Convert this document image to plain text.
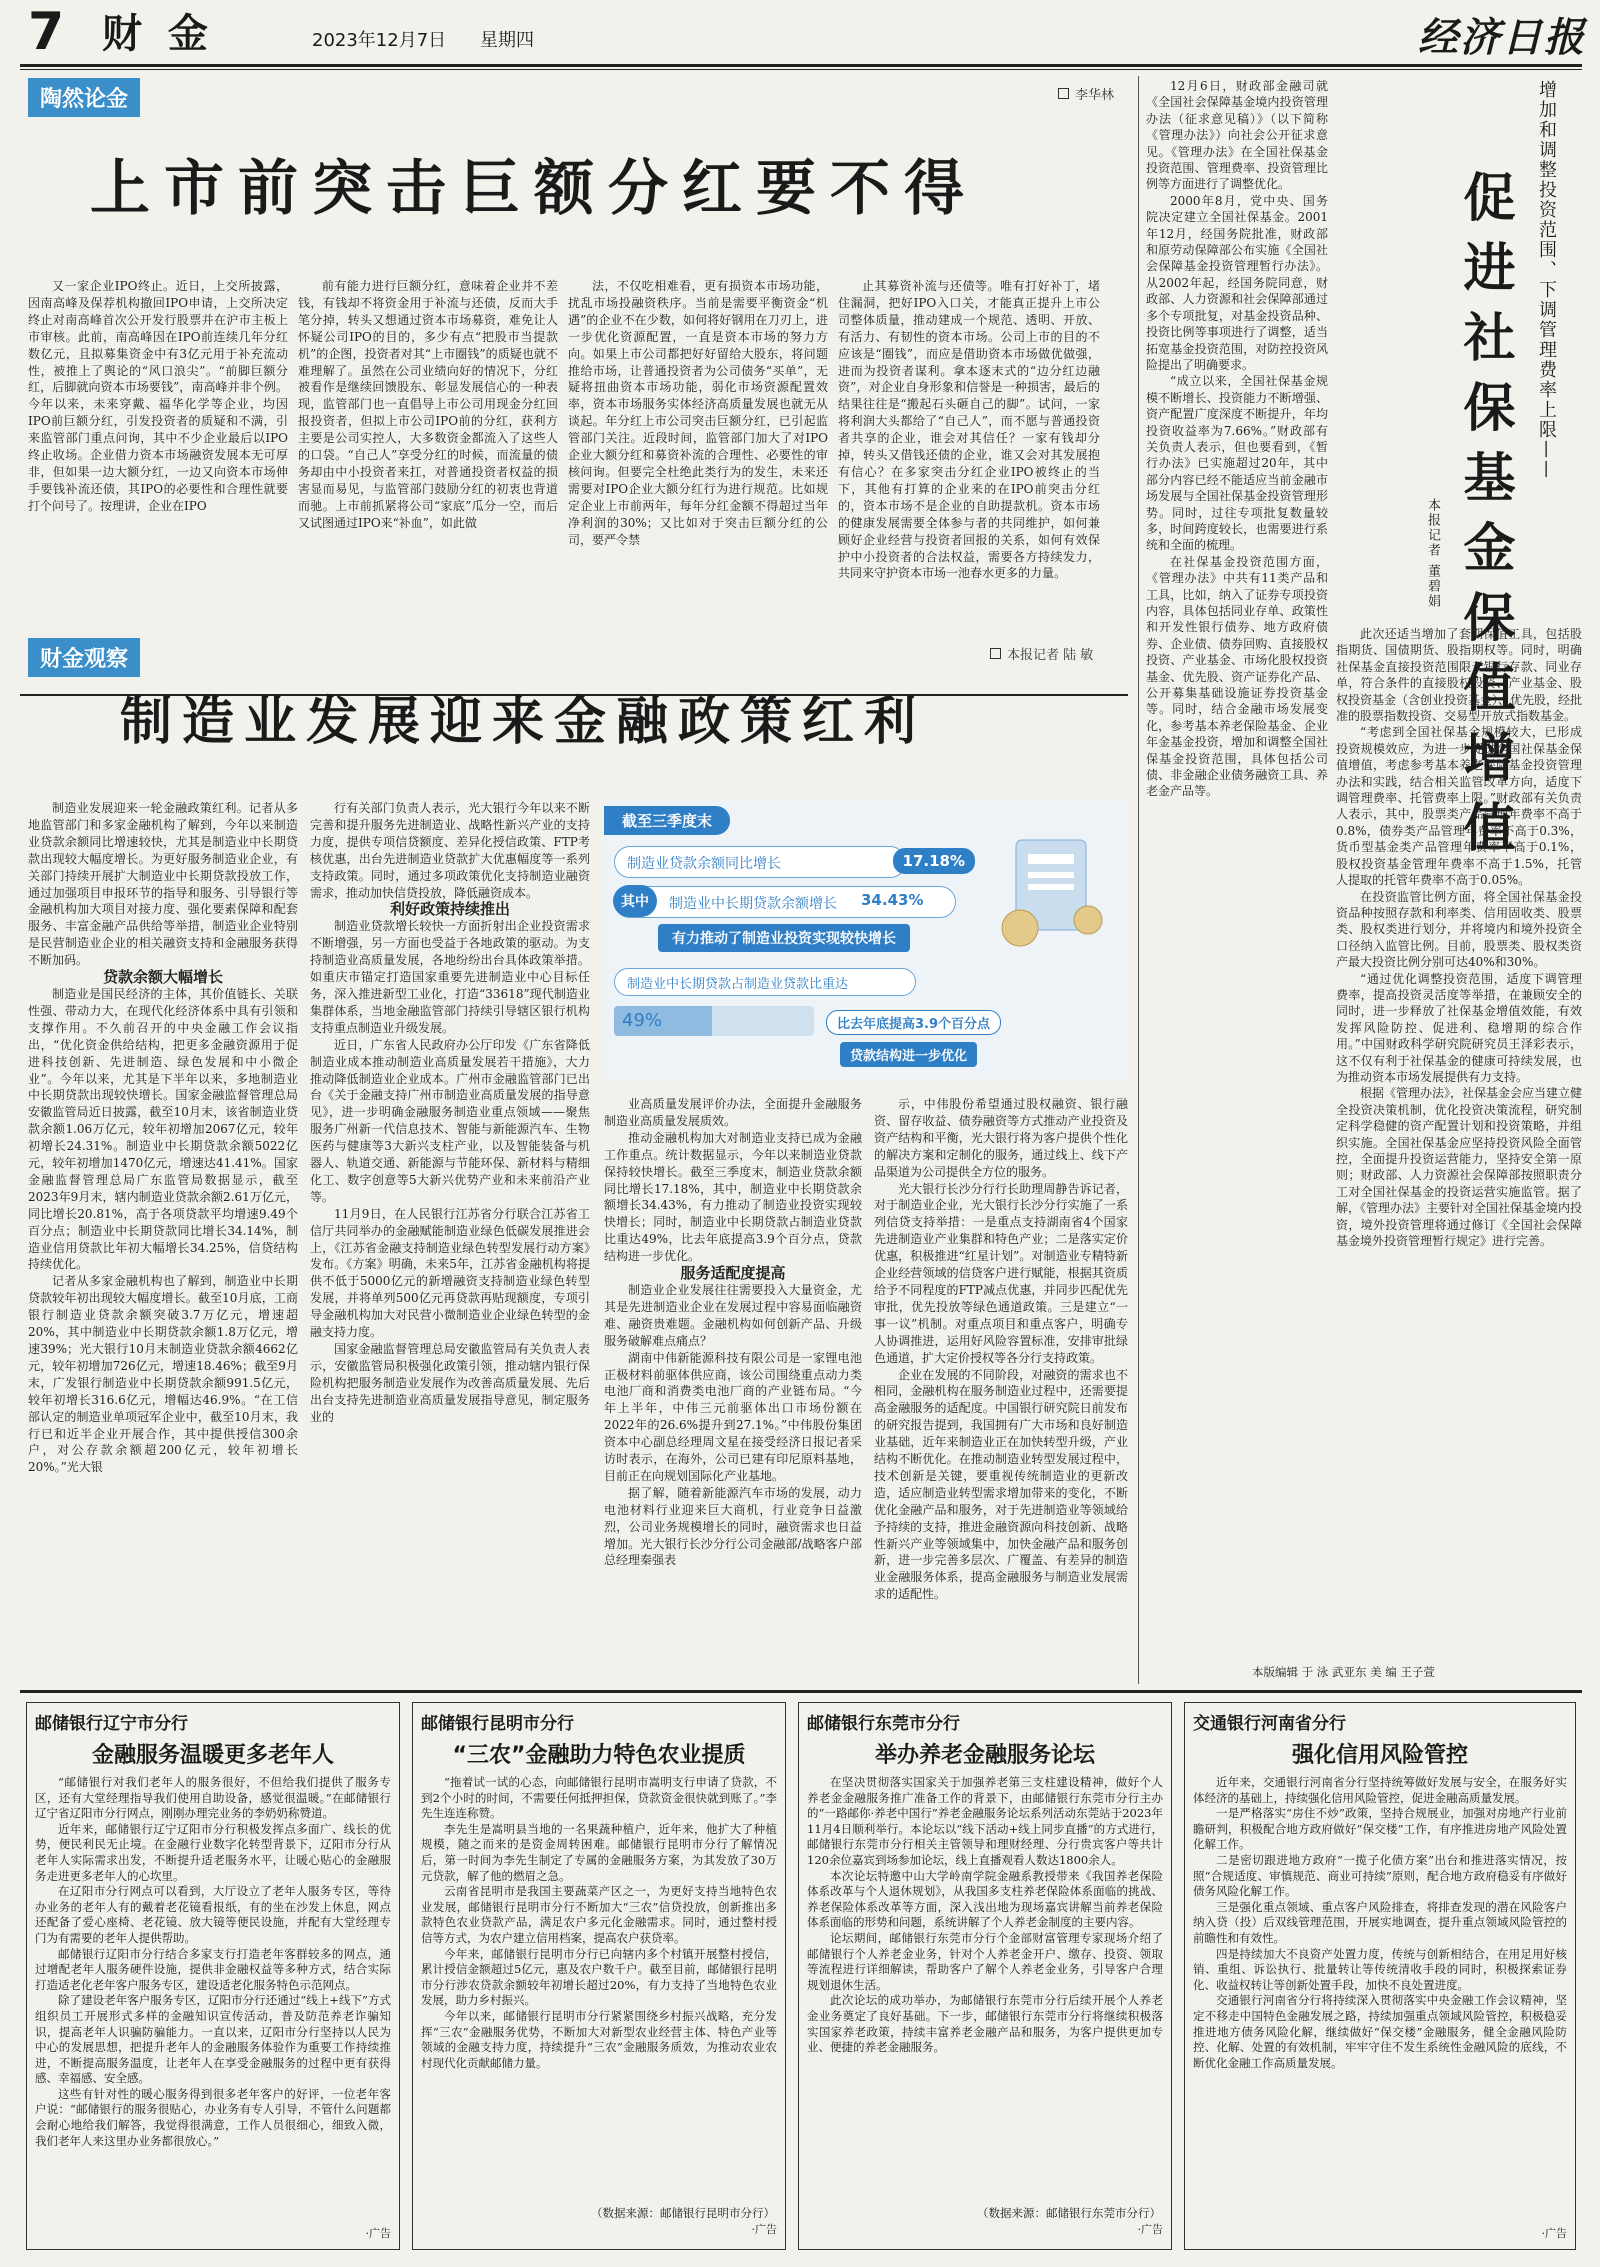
7 财 金	2023年12月7日 星期四	经济日报
陶然论金	李华林
上市前突击巨额分红要不得

又一家企业IPO终止。近日，上交所披露，因南高峰及保荐机构撤回IPO申请，上交所决定终止对南高峰首次公开发行股票并在沪市主板上市审核。此前，南高峰因在IPO前连续几年分红数亿元，且拟募集资金中有3亿元用于补充流动性，被推上了舆论的“风口浪尖”。“前脚巨额分红，后脚就向资本市场要钱”，南高峰并非个例。今年以来，未来穿戴、福华化学等企业，均因IPO前巨额分红，引发投资者的质疑和不满，引来监管部门重点问询，其中不少企业最后以IPO终止收场。企业借力资本市场融资发展本无可厚非，但如果一边大额分红，一边又向资本市场伸手要钱补流还债，其IPO的必要性和合理性就要打个问号了。按理讲，企业在IPO

前有能力进行巨额分红，意味着企业并不差钱，有钱却不将资金用于补流与还债，反而大手笔分掉，转头又想通过资本市场募资，难免让人怀疑公司IPO的目的，多少有点“把股市当提款机”的企图，投资者对其“上市圈钱”的质疑也就不难理解了。虽然在公司业绩向好的情况下，分红被看作是继续回馈股东、彰显发展信心的一种表现，监管部门也一直倡导上市公司用现金分红回报投资者，但拟上市公司IPO前的分红，获利方主要是公司实控人，大多数资金都流入了这些人的口袋。“自己人”享受分红的时候，而流量的债务却由中小投资者来扛，对普通投资者权益的损害显而易见，与监管部门鼓励分红的初衷也背道而驰。上市前抓紧将公司“家底”瓜分一空，而后又试图通过IPO来“补血”，如此做

法，不仅吃相难看，更有损资本市场功能，扰乱市场投融资秩序。当前是需要平衡资金“机遇”的企业不在少数，如何将好钢用在刀刃上，进一步优化资源配置，一直是资本市场的努力方向。如果上市公司都把好好留给大股东，将问题推给市场，让普通投资者为公司债务“买单”，无疑将扭曲资本市场功能，弱化市场资源配置效率，资本市场服务实体经济高质量发展也就无从谈起。年分红上市公司突击巨额分红，已引起监管部门关注。近段时间，监管部门加大了对IPO企业大额分红和募资补流的合理性、必要性的审核问询。但要完全杜绝此类行为的发生，未来还需要对IPO企业大额分红行为进行规范。比如规定企业上市前两年，每年分红金额不得超过当年净利润的30%；又比如对于突击巨额分红的公司，要严令禁

止其募资补流与还债等。唯有打好补丁，堵住漏洞，把好IPO入口关，才能真正提升上市公司整体质量，推动建成一个规范、透明、开放、有活力、有韧性的资本市场。公司上市的目的不应该是“圈钱”，而应是借助资本市场做优做强，进而为投资者谋利。拿本逐末式的“边分红边融资”，对企业自身形象和信誉是一种损害，最后的结果往往是“搬起石头砸自己的脚”。试问，一家将利润大头都给了“自己人”，而不愿与普通投资者共享的企业，谁会对其信任？一家有钱却分掉，转头又借钱还债的企业，谁又会对其发展抱有信心？在多家突击分红企业IPO被终止的当下，其他有打算的企业来的在IPO前突击分红的，资本市场不是企业的自助提款机。资本市场的健康发展需要全体参与者的共同维护，如何兼顾好企业经营与投资者回报的关系，如何有效保护中小投资者的合法权益，需要各方持续发力，共同来守护资本市场一池春水更多的力量。

财金观察	本报记者 陆 敏
制造业发展迎来金融政策红利

制造业发展迎来一轮金融政策红利。记者从多地监管部门和多家金融机构了解到，今年以来制造业贷款余额同比增速较快，尤其是制造业中长期贷款出现较大幅度增长。为更好服务制造业企业，有关部门持续开展扩大制造业中长期贷款投放工作，通过加强项目申报环节的指导和服务、引导银行等金融机构加大项目对接力度、强化要素保障和配套服务、丰富金融产品供给等举措，制造业企业特别是民营制造业企业的相关融资支持和金融服务获得不断加码。

贷款余额大幅增长

制造业是国民经济的主体，其价值链长、关联性强、带动力大，在现代化经济体系中具有引领和支撑作用。不久前召开的中央金融工作会议指出，“优化资金供给结构，把更多金融资源用于促进科技创新、先进制造、绿色发展和中小微企业”。今年以来，尤其是下半年以来，多地制造业中长期贷款出现较快增长。国家金融监督管理总局安徽监管局近日披露，截至10月末，该省制造业贷款余额1.06万亿元，较年初增加2067亿元，较年初增长24.31%。制造业中长期贷款余额5022亿元，较年初增加1470亿元，增速达41.41%。国家金融监督管理总局广东监管局数据显示，截至2023年9月末，辖内制造业贷款余额2.61万亿元，同比增长20.81%，高于各项贷款平均增速9.49个百分点；制造业中长期贷款同比增长34.14%，制造业信用贷款比年初大幅增长34.25%，信贷结构持续优化。

记者从多家金融机构也了解到，制造业中长期贷款较年初出现较大幅度增长。截至10月底，工商银行制造业贷款余额突破3.7万亿元，增速超20%，其中制造业中长期贷款余额1.8万亿元，增速39%；光大银行10月末制造业贷款余额4662亿元，较年初增加726亿元，增速18.46%；截至9月末，广发银行制造业中长期贷款余额991.5亿元，较年初增长316.6亿元，增幅达46.9%。“在工信部认定的制造业单项冠军企业中，截至10月末，我行已和近半企业开展合作，其中提供授信300余户，对公存款余额超200亿元，较年初增长20%。”光大银

行有关部门负责人表示，光大银行今年以来不断完善和提升服务先进制造业、战略性新兴产业的支持力度，提供专项信贷额度、差异化授信政策、FTP考核优惠，出台先进制造业贷款扩大优惠幅度等一系列支持政策。同时，通过多项政策优化支持制造业融资需求，推动加快信贷投放，降低融资成本。

利好政策持续推出

制造业贷款增长较快一方面折射出企业投资需求不断增强，另一方面也受益于各地政策的驱动。为支持制造业高质量发展，各地纷纷出台具体政策举措。如重庆市锚定打造国家重要先进制造业中心目标任务，深入推进新型工业化，打造“33618”现代制造业集群体系，当地金融监管部门持续引导辖区银行机构支持重点制造业升级发展。

近日，广东省人民政府办公厅印发《广东省降低制造业成本推动制造业高质量发展若干措施》，大力推动降低制造业企业成本。广州市金融监管部门已出台《关于金融支持广州市制造业高质量发展的指导意见》，进一步明确金融服务制造业重点领域——聚焦服务广州新一代信息技术、智能与新能源汽车、生物医药与健康等3大新兴支柱产业，以及智能装备与机器人、轨道交通、新能源与节能环保、新材料与精细化工、数字创意等5大新兴优势产业和未来前沿产业等。

11月9日，在人民银行江苏省分行联合江苏省工信厅共同举办的金融赋能制造业绿色低碳发展推进会上，《江苏省金融支持制造业绿色转型发展行动方案》发布。《方案》明确，未来5年，江苏省金融机构将提供不低于5000亿元的新增融资支持制造业绿色转型发展，并将单列500亿元再贷款再贴现额度，专项引导金融机构加大对民营小微制造业企业绿色转型的金融支持力度。

国家金融监督管理总局安徽监管局有关负责人表示，安徽监管局积极强化政策引领，推动辖内银行保险机构把服务制造业发展作为改善高质量发展、先后出台支持先进制造业高质量发展指导意见，制定服务业的

业高质量发展评价办法，全面提升金融服务制造业高质量发展质效。

推动金融机构加大对制造业支持已成为金融工作重点。统计数据显示，今年以来制造业贷款保持较快增长。截至三季度末，制造业贷款余额同比增长17.18%，其中，制造业中长期贷款余额增长34.43%，有力推动了制造业投资实现较快增长；同时，制造业中长期贷款占制造业贷款比重达49%，比去年底提高3.9个百分点，贷款结构进一步优化。

服务适配度提高

制造业企业发展往往需要投入大量资金，尤其是先进制造业企业在发展过程中容易面临融资难、融资贵难题。金融机构如何创新产品、升级服务破解难点痛点？

湖南中伟新能源科技有限公司是一家锂电池正极材料前驱体供应商，该公司围绕重点动力类电池厂商和消费类电池厂商的产业链布局。“今年上半年，中伟三元前驱体出口市场份额在2022年的26.6%提升到27.1%。”中伟股份集团资本中心副总经理周文星在接受经济日报记者采访时表示，在海外，公司已建有印尼原料基地，目前正在向规划国际化产业基地。

据了解，随着新能源汽车市场的发展，动力电池材料行业迎来巨大商机，行业竞争日益激烈，公司业务规模增长的同时，融资需求也日益增加。光大银行长沙分行公司金融部/战略客户部总经理秦强表

示，中伟股份希望通过股权融资、银行融资、留存收益、债券融资等方式推动产业投资及资产结构和平衡，光大银行将为客户提供个性化的解决方案和定制化的服务，通过线上、线下产品渠道为公司提供全方位的服务。

光大银行长沙分行行长助理周静告诉记者，对于制造业企业，光大银行长沙分行实施了一系列信贷支持举措：一是重点支持湖南省4个国家先进制造业产业集群和特色产业；二是落实定价优惠，积极推进“红星计划”。对制造业专精特新企业经营领域的信贷客户进行赋能，根据其资质给予不同程度的FTP减点优惠，并同步匹配优先审批，优先投放等绿色通道政策。三是建立“一事一议”机制。对重点项目和重点客户，明确专人协调推进，运用好风险容置标准，安排审批绿色通道，扩大定价授权等各分行支持政策。

企业在发展的不同阶段，对融资的需求也不相同，金融机构在服务制造业过程中，还需要提高金融服务的适配度。中国银行研究院日前发布的研究报告提到，我国拥有广大市场和良好制造业基础，近年来制造业正在加快转型升级，产业结构不断优化。在推动制造业转型发展过程中，技术创新是关键，要重视传统制造业的更新改造，适应制造业转型需求增加带来的变化，不断优化金融产品和服务，对于先进制造业等领域给予持续的支持，推进金融资源向科技创新、战略性新兴产业等领域集中，加快金融产品和服务创新，进一步完善多层次、广覆盖、有差异的制造业金融服务体系，提高金融服务与制造业发展需求的适配性。

截至三季度末
制造业贷款余额同比增长	17.18%
其中	制造业中长期贷款余额增长 34.43%
有力推动了制造业投资实现较快增长
制造业中长期贷款占制造业贷款比重达
49%	比去年底提高3.9个百分点
贷款结构进一步优化

12月6日，财政部金融司就《全国社会保障基金境内投资管理办法（征求意见稿）》（以下简称《管理办法》）向社会公开征求意见。《管理办法》在全国社保基金投资范围、管理费率、投资管理比例等方面进行了调整优化。

2000年8月，党中央、国务院决定建立全国社保基金。2001年12月，经国务院批准，财政部和原劳动保障部公布实施《全国社会保障基金投资管理暂行办法》。从2002年起，经国务院同意，财政部、人力资源和社会保障部通过多个专项批复，对基金投资品种、投资比例等事项进行了调整，适当拓宽基金投资范围，对防控投资风险提出了明确要求。

“成立以来，全国社保基金规模不断增长、投资能力不断增强、资产配置广度深度不断提升，年均投资收益率为7.66%。”财政部有关负责人表示，但也要看到，《暂行办法》已实施超过20年，其中部分内容已经不能适应当前金融市场发展与全国社保基金投资管理形势。同时，过往专项批复数量较多，时间跨度较长，也需要进行系统和全面的梳理。

在社保基金投资范围方面，《管理办法》中共有11类产品和工具，比如，纳入了证券专项投资内容，具体包括同业存单、政策性和开发性银行债券、地方政府债券、企业债、债券回购、直接股权投资、产业基金、市场化股权投资基金、优先股、资产证券化产品、公开募集基础设施证券投资基金等。同时，结合金融市场发展变化，参考基本养老保险基金、企业年金基金投资，增加和调整全国社保基金投资范围，具体包括公司债、非金融企业债务融资工具、养老金产品等。

增加和调整投资范围、下调管理费率上限——
促进社保基金保值增值
本报记者 董碧娟

此次还适当增加了套期保值工具，包括股指期货、国债期货、股指期权等。同时，明确社保基金直接投资范围限于银行存款、同业存单，符合条件的直接股权投资、产业基金、股权投资基金（含创业投资基金）、优先股，经批准的股票指数投资、交易型开放式指数基金。

“考虑到全国社保基金规模较大，已形成投资规模效应，为进一步促进全国社保基金保值增值，考虑参考基本养老保险基金投资管理办法和实践，结合相关监管改革方向，适度下调管理费率、托管费率上限。”财政部有关负责人表示，其中，股票类产品管理年费率不高于0.8%，债券类产品管理年费率不高于0.3%，货币型基金类产品管理年费率不高于0.1%，股权投资基金管理年费率不高于1.5%，托管人提取的托管年费率不高于0.05%。

在投资监管比例方面，将全国社保基金投资品种按照存款和利率类、信用固收类、股票类、股权类进行划分，并将境内和境外投资全口径纳入监管比例。目前，股票类、股权类资产最大投资比例分别可达40%和30%。

“通过优化调整投资范围，适度下调管理费率，提高投资灵活度等举措，在兼顾安全的同时，进一步释放了社保基金增值效能，有效发挥风险防控、促进利、稳增期的综合作用。”中国财政科学研究院研究员王泽彩表示，这不仅有利于社保基金的健康可持续发展，也为推动资本市场发展提供有力支持。

根据《管理办法》，社保基金会应当建立健全投资决策机制，优化投资决策流程，研究制定科学稳健的资产配置计划和投资策略，并组织实施。全国社保基金应坚持投资风险全面管控，全面提升投资运营能力，坚持安全第一原则；财政部、人力资源社会保障部按照职责分工对全国社保基金的投资运营实施监管。据了解，《管理办法》主要针对全国社保基金境内投资，境外投资管理将通过修订《全国社会保障基金境外投资管理暂行规定》进行完善。

本版编辑 于 泳 武亚东 美 编 王子萱
邮储银行辽宁市分行
金融服务温暖更多老年人

“邮储银行对我们老年人的服务很好，不但给我们提供了服务专区，还有大堂经理指导我们使用自助设备，感觉很温暖。”在邮储银行辽宁省辽阳市分行网点，刚刚办理完业务的李奶奶称赞道。

近年来，邮储银行辽宁辽阳市分行积极发挥点多面广、线长的优势，便民利民无止境。在金融行业数字化转型背景下，辽阳市分行从老年人实际需求出发，不断提升适老服务水平，让暖心贴心的金融服务走进更多老年人的心坎里。

在辽阳市分行网点可以看到，大厅设立了老年人服务专区，等待办业务的老年人有的戴着老花镜看报纸，有的坐在沙发上休息，网点还配备了爱心座椅、老花镜、放大镜等便民设施，并配有大堂经理专门为有需要的老年人提供帮助。

邮储银行辽阳市分行结合多家支行打造老年客群较多的网点，通过增配老年人服务硬件设施，提供非金融权益等多种方式，结合实际打造适老化老年客户服务专区，建设适老化服务特色示范网点。

除了建设老年客户服务专区，辽阳市分行还通过“线上+线下”方式组织员工开展形式多样的金融知识宣传活动，普及防范养老诈骗知识，提高老年人识骗防骗能力。一直以来，辽阳市分行坚持以人民为中心的发展思想，把提升老年人的金融服务体验作为重要工作持续推进，不断提高服务温度，让老年人在享受金融服务的过程中更有获得感、幸福感、安全感。

这些有针对性的暖心服务得到很多老年客户的好评，一位老年客户说：“邮储银行的服务很贴心，办业务有专人引导，不管什么问题都会耐心地给我们解答，我觉得很满意，工作人员很细心，细致入微，我们老年人来这里办业务都很放心。”

·广告
邮储银行昆明市分行
“三农”金融助力特色农业提质

“拖着试一试的心态，向邮储银行昆明市嵩明支行申请了贷款，不到2个小时的时间，不需要任何抵押担保，贷款资金很快就到账了。”李先生连连称赞。

李先生是嵩明县当地的一名果蔬种植户，近年来，他扩大了种植规模，随之而来的是资金周转困难。邮储银行昆明市分行了解情况后，第一时间为李先生制定了专属的金融服务方案，为其发放了30万元贷款，解了他的燃眉之急。

云南省昆明市是我国主要蔬菜产区之一，为更好支持当地特色农业发展，邮储银行昆明市分行不断加大“三农”信贷投放，创新推出多款特色农业贷款产品，满足农户多元化金融需求。同时，通过整村授信等方式，为农户建立信用档案，提高农户获贷率。

今年来，邮储银行昆明市分行已向辖内多个村镇开展整村授信，累计授信金额超过5亿元，惠及农户数千户。截至目前，邮储银行昆明市分行涉农贷款余额较年初增长超过20%，有力支持了当地特色农业发展，助力乡村振兴。

今年以来，邮储银行昆明市分行紧紧围绕乡村振兴战略，充分发挥“三农”金融服务优势，不断加大对新型农业经营主体、特色产业等领域的金融支持力度，持续提升“三农”金融服务质效，为推动农业农村现代化贡献邮储力量。

（数据来源：邮储银行昆明市分行）
·广告
邮储银行东莞市分行
举办养老金融服务论坛

在坚决贯彻落实国家关于加强养老第三支柱建设精神，做好个人养老金金融服务推广准备工作的背景下，由邮储银行东莞市分行主办的“一路邮你·养老中国行”养老金融服务论坛系列活动东莞站于2023年11月4日顺利举行。本论坛以“线下活动+线上同步直播”的方式进行，邮储银行东莞市分行相关主管领导和理财经理、分行贵宾客户等共计120余位嘉宾到场参加论坛，线上直播观看人数达1800余人。

本次论坛特邀中山大学岭南学院金融系教授带来《我国养老保险体系改革与个人退休规划》，从我国多支柱养老保险体系面临的挑战、养老保险体系改革等方面，深入浅出地为现场嘉宾讲解当前养老保险体系面临的形势和问题，系统讲解了个人养老金制度的主要内容。

论坛期间，邮储银行东莞市分行个金部财富管理专家现场介绍了邮储银行个人养老金业务，针对个人养老金开户、缴存、投资、领取等流程进行详细解读，帮助客户了解个人养老金业务，引导客户合理规划退休生活。

此次论坛的成功举办，为邮储银行东莞市分行后续开展个人养老金业务奠定了良好基础。下一步，邮储银行东莞市分行将继续积极落实国家养老政策，持续丰富养老金融产品和服务，为客户提供更加专业、便捷的养老金融服务。

（数据来源：邮储银行东莞市分行）
·广告
交通银行河南省分行
强化信用风险管控

近年来，交通银行河南省分行坚持统筹做好发展与安全，在服务好实体经济的基础上，持续强化信用风险管控，促进金融高质量发展。

一是严格落实“房住不炒”政策，坚持合规展业，加强对房地产行业前瞻研判，积极配合地方政府做好“保交楼”工作，有序推进房地产风险处置化解工作。

二是密切跟进地方政府“一揽子化债方案”出台和推进落实情况，按照“合规适度、审慎规范、商业可持续”原则，配合地方政府稳妥有序做好债务风险化解工作。

三是强化重点领域、重点客户风险排查，将排查发现的潜在风险客户纳入贷（投）后双线管理范围，开展实地调查，提升重点领域风险管控的前瞻性和有效性。

四是持续加大不良资产处置力度，传统与创新相结合，在用足用好核销、重组、诉讼执行、批量转让等传统清收手段的同时，积极探索证券化、收益权转让等创新处置手段，加快不良处置进度。

交通银行河南省分行将持续深入贯彻落实中央金融工作会议精神，坚定不移走中国特色金融发展之路，持续加强重点领域风险管控，积极稳妥推进地方债务风险化解，继续做好“保交楼”金融服务，健全金融风险防控、化解、处置的有效机制，牢牢守住不发生系统性金融风险的底线，不断优化金融工作高质量发展。

·广告
